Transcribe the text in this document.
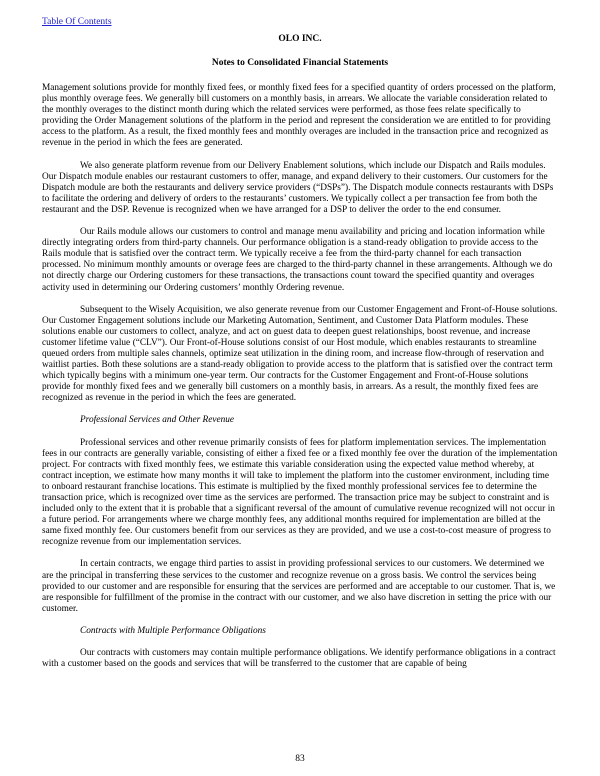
Table Of Contents
OLO INC.
Notes to Consolidated Financial Statements

Management solutions provide for monthly fixed fees, or monthly fixed fees for a specified quantity of orders processed on the platform, plus monthly overage fees. We generally bill customers on a monthly basis, in arrears. We allocate the variable consideration related to the monthly overages to the distinct month during which the related services were performed, as those fees relate specifically to providing the Order Management solutions of the platform in the period and represent the consideration we are entitled to for providing access to the platform. As a result, the fixed monthly fees and monthly overages are included in the transaction price and recognized as revenue in the period in which the fees are generated.

We also generate platform revenue from our Delivery Enablement solutions, which include our Dispatch and Rails modules. Our Dispatch module enables our restaurant customers to offer, manage, and expand delivery to their customers. Our customers for the Dispatch module are both the restaurants and delivery service providers (“DSPs”). The Dispatch module connects restaurants with DSPs to facilitate the ordering and delivery of orders to the restaurants’ customers. We typically collect a per transaction fee from both the restaurant and the DSP. Revenue is recognized when we have arranged for a DSP to deliver the order to the end consumer.

Our Rails module allows our customers to control and manage menu availability and pricing and location information while directly integrating orders from third-party channels. Our performance obligation is a stand-ready obligation to provide access to the Rails module that is satisfied over the contract term. We typically receive a fee from the third-party channel for each transaction processed. No minimum monthly amounts or overage fees are charged to the third-party channel in these arrangements. Although we do not directly charge our Ordering customers for these transactions, the transactions count toward the specified quantity and overages activity used in determining our Ordering customers’ monthly Ordering revenue.

Subsequent to the Wisely Acquisition, we also generate revenue from our Customer Engagement and Front-of-House solutions. Our Customer Engagement solutions include our Marketing Automation, Sentiment, and Customer Data Platform modules. These solutions enable our customers to collect, analyze, and act on guest data to deepen guest relationships, boost revenue, and increase customer lifetime value (“CLV”). Our Front-of-House solutions consist of our Host module, which enables restaurants to streamline queued orders from multiple sales channels, optimize seat utilization in the dining room, and increase flow-through of reservation and waitlist parties. Both these solutions are a stand-ready obligation to provide access to the platform that is satisfied over the contract term which typically begins with a minimum one-year term. Our contracts for the Customer Engagement and Front-of-House solutions provide for monthly fixed fees and we generally bill customers on a monthly basis, in arrears. As a result, the monthly fixed fees are recognized as revenue in the period in which the fees are generated.

Professional Services and Other Revenue

Professional services and other revenue primarily consists of fees for platform implementation services. The implementation fees in our contracts are generally variable, consisting of either a fixed fee or a fixed monthly fee over the duration of the implementation project. For contracts with fixed monthly fees, we estimate this variable consideration using the expected value method whereby, at contract inception, we estimate how many months it will take to implement the platform into the customer environment, including time to onboard restaurant franchise locations. This estimate is multiplied by the fixed monthly professional services fee to determine the transaction price, which is recognized over time as the services are performed. The transaction price may be subject to constraint and is included only to the extent that it is probable that a significant reversal of the amount of cumulative revenue recognized will not occur in a future period. For arrangements where we charge monthly fees, any additional months required for implementation are billed at the same fixed monthly fee. Our customers benefit from our services as they are provided, and we use a cost-to-cost measure of progress to recognize revenue from our implementation services.

In certain contracts, we engage third parties to assist in providing professional services to our customers. We determined we are the principal in transferring these services to the customer and recognize revenue on a gross basis. We control the services being provided to our customer and are responsible for ensuring that the services are performed and are acceptable to our customer. That is, we are responsible for fulfillment of the promise in the contract with our customer, and we also have discretion in setting the price with our customer.

Contracts with Multiple Performance Obligations

Our contracts with customers may contain multiple performance obligations. We identify performance obligations in a contract with a customer based on the goods and services that will be transferred to the customer that are capable of being

83
